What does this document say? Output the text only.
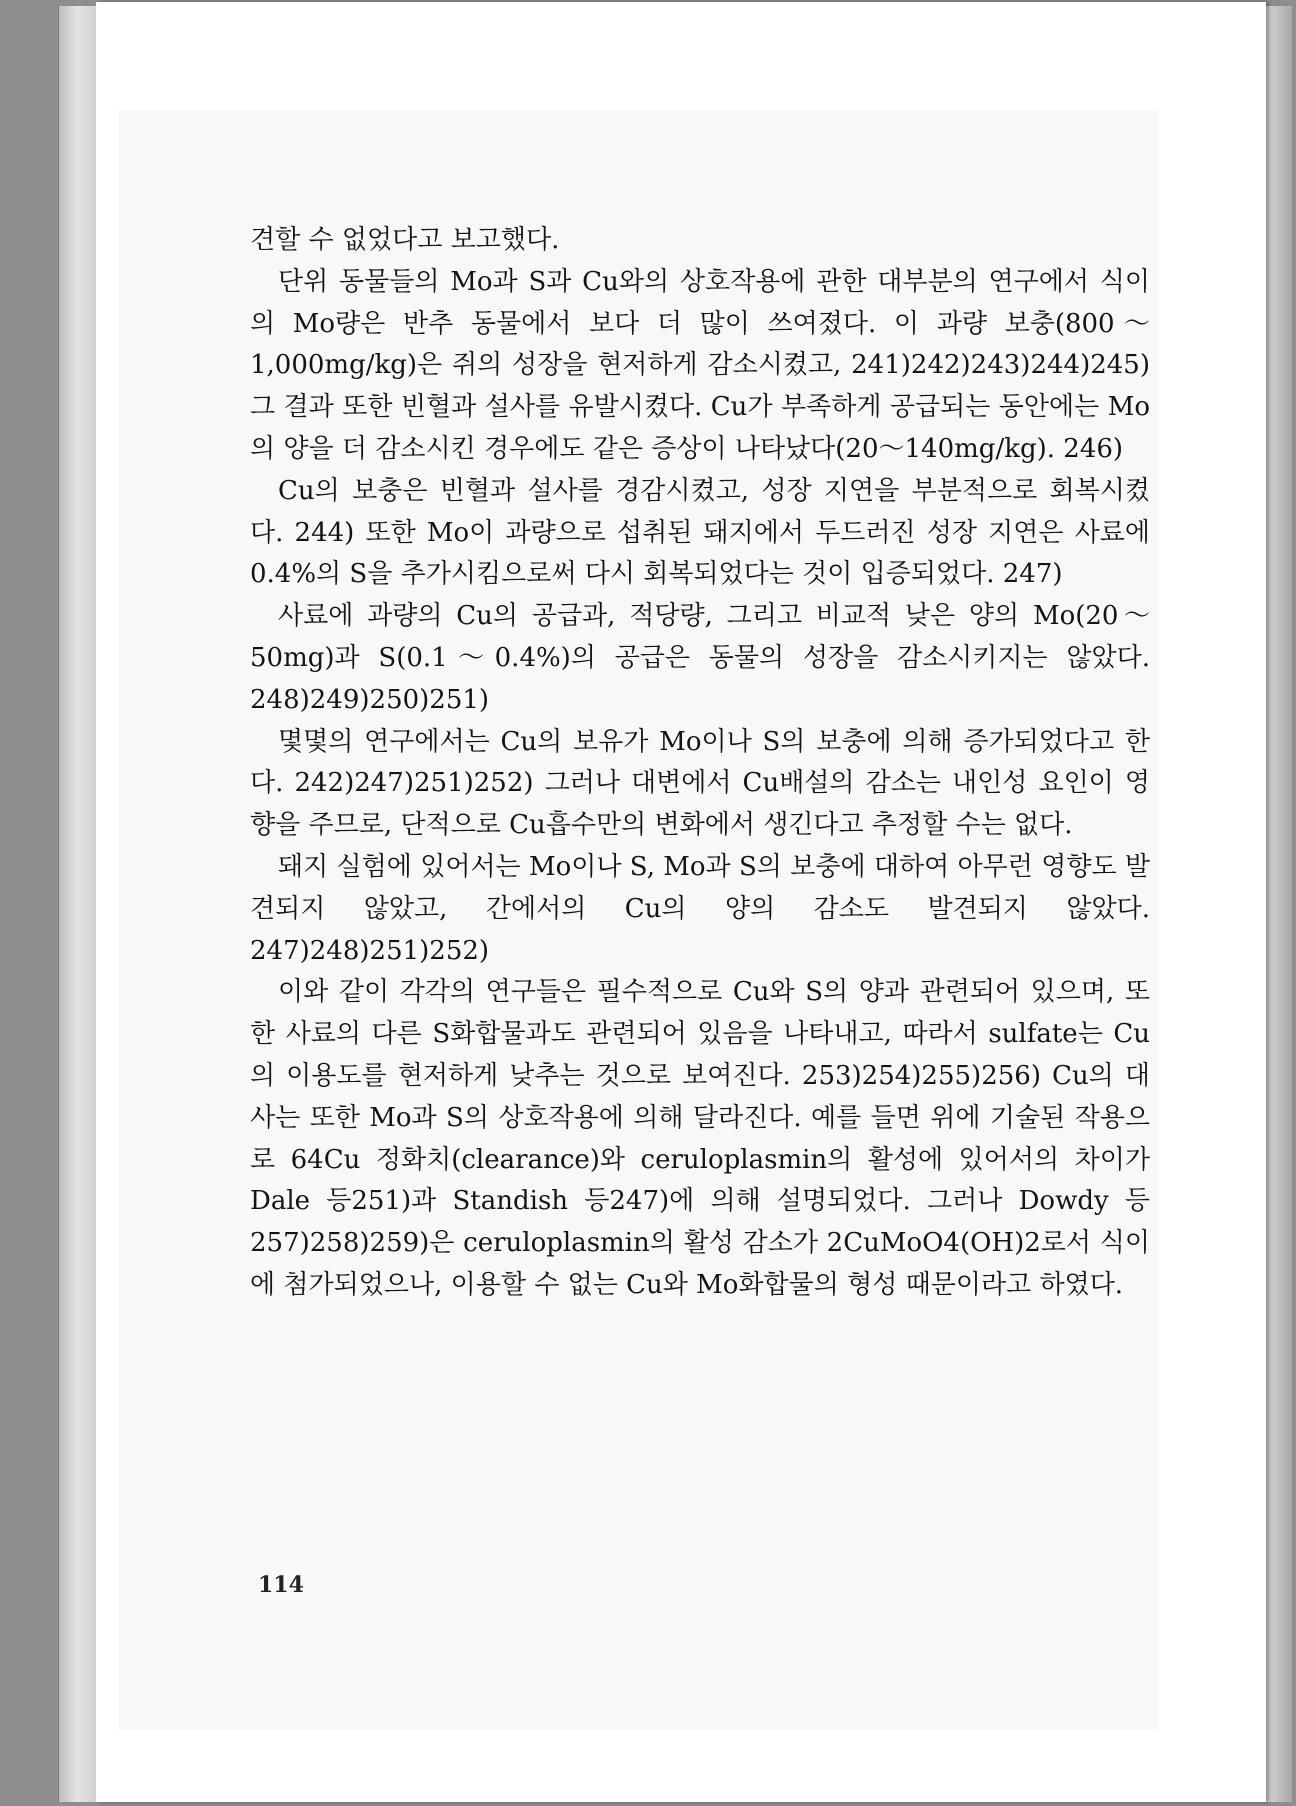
견할 수 없었다고 보고했다.

단위 동물들의 Mo과 S과 Cu와의 상호작용에 관한 대부분의 연구에서 식이의 Mo량은 반추 동물에서 보다 더 많이 쓰여졌다. 이 과량 보충(800～1,000mg/kg)은 쥐의 성장을 현저하게 감소시켰고, 241)242)243)244)245) 그 결과 또한 빈혈과 설사를 유발시켰다. Cu가 부족하게 공급되는 동안에는 Mo의 양을 더 감소시킨 경우에도 같은 증상이 나타났다(20～140mg/kg). 246)

Cu의 보충은 빈혈과 설사를 경감시켰고, 성장 지연을 부분적으로 회복시켰다. 244) 또한 Mo이 과량으로 섭취된 돼지에서 두드러진 성장 지연은 사료에 0.4%의 S을 추가시킴으로써 다시 회복되었다는 것이 입증되었다. 247)

사료에 과량의 Cu의 공급과, 적당량, 그리고 비교적 낮은 양의 Mo(20～50mg)과 S(0.1～0.4%)의 공급은 동물의 성장을 감소시키지는 않았다. 248)249)250)251)

몇몇의 연구에서는 Cu의 보유가 Mo이나 S의 보충에 의해 증가되었다고 한다. 242)247)251)252) 그러나 대변에서 Cu배설의 감소는 내인성 요인이 영향을 주므로, 단적으로 Cu흡수만의 변화에서 생긴다고 추정할 수는 없다.

돼지 실험에 있어서는 Mo이나 S, Mo과 S의 보충에 대하여 아무런 영향도 발견되지 않았고, 간에서의 Cu의 양의 감소도 발견되지 않았다. 247)248)251)252)

이와 같이 각각의 연구들은 필수적으로 Cu와 S의 양과 관련되어 있으며, 또한 사료의 다른 S화합물과도 관련되어 있음을 나타내고, 따라서 sulfate는 Cu의 이용도를 현저하게 낮추는 것으로 보여진다. 253)254)255)256) Cu의 대사는 또한 Mo과 S의 상호작용에 의해 달라진다. 예를 들면 위에 기술된 작용으로 64Cu 정화치(clearance)와 ceruloplasmin의 활성에 있어서의 차이가 Dale 등251)과 Standish 등247)에 의해 설명되었다. 그러나 Dowdy 등257)258)259)은 ceruloplasmin의 활성 감소가 2CuMoO4(OH)2로서 식이에 첨가되었으나, 이용할 수 없는 Cu와 Mo화합물의 형성 때문이라고 하였다.

114
